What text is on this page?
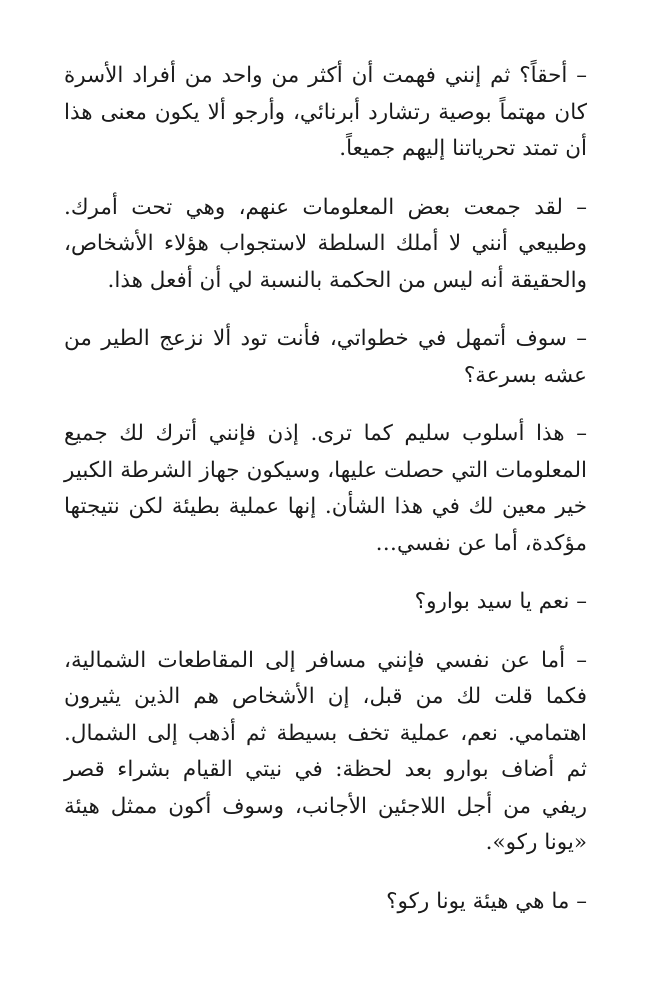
– أحقاً؟ ثم إنني فهمت أن أكثر من واحد من أفراد الأسرة كان مهتماً بوصية رتشارد أبرنائي، وأرجو ألا يكون معنى هذا أن تمتد تحرياتنا إليهم جميعاً.

– لقد جمعت بعض المعلومات عنهم، وهي تحت أمرك. وطبيعي أنني لا أملك السلطة لاستجواب هؤلاء الأشخاص، والحقيقة أنه ليس من الحكمة بالنسبة لي أن أفعل هذا.

– سوف أتمهل في خطواتي، فأنت تود ألا نزعج الطير من عشه بسرعة؟

– هذا أسلوب سليم كما ترى. إذن فإنني أترك لك جميع المعلومات التي حصلت عليها، وسيكون جهاز الشرطة الكبير خير معين لك في هذا الشأن. إنها عملية بطيئة لكن نتيجتها مؤكدة، أما عن نفسي…

– نعم يا سيد بوارو؟

– أما عن نفسي فإنني مسافر إلى المقاطعات الشمالية، فكما قلت لك من قبل، إن الأشخاص هم الذين يثيرون اهتمامي. نعم، عملية تخف بسيطة ثم أذهب إلى الشمال. ثم أضاف بوارو بعد لحظة: في نيتي القيام بشراء قصر ريفي من أجل اللاجئين الأجانب، وسوف أكون ممثل هيئة «يونا ركو».

– ما هي هيئة يونا ركو؟
